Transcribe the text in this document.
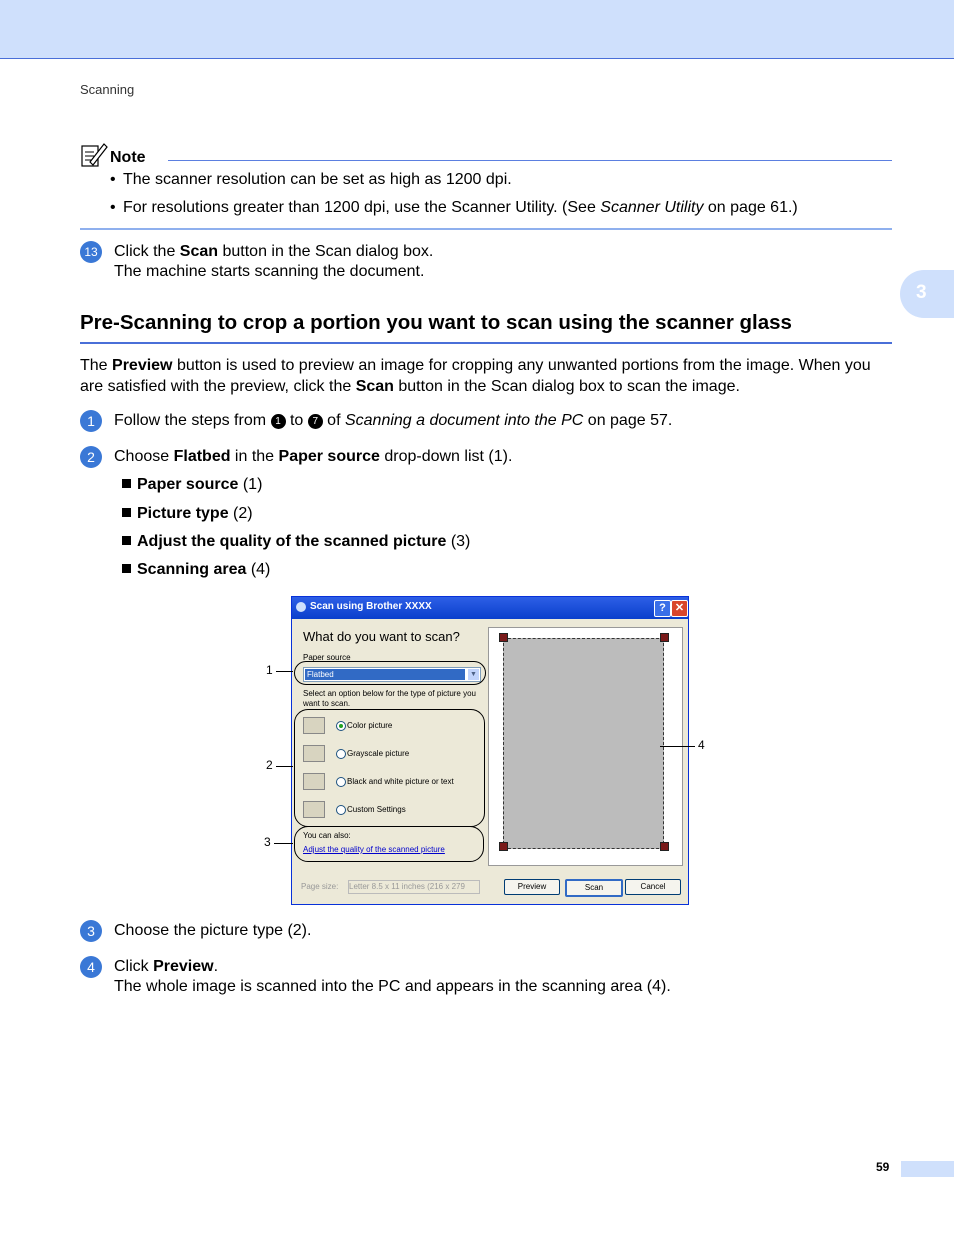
Scanning
3
Note
• The scanner resolution can be set as high as 1200 dpi.
• For resolutions greater than 1200 dpi, use the Scanner Utility. (See Scanner Utility on page 61.)
13 Click the Scan button in the Scan dialog box.
The machine starts scanning the document.
Pre-Scanning to crop a portion you want to scan using the scanner glass
The Preview button is used to preview an image for cropping any unwanted portions from the image. When you are satisfied with the preview, click the Scan button in the Scan dialog box to scan the image.
1	Follow the steps from 1 to 7 of Scanning a document into the PC on page 57.
2	Choose Flatbed in the Paper source drop-down list (1).
Paper source (1)
Picture type (2)
Adjust the quality of the scanned picture (3)
Scanning area (4)
Scan using Brother XXXX	? ✕
What do you want to scan?
Paper source
Flatbed	▼
Select an option below for the type of picture you want to scan.
Color picture
Grayscale picture
Black and white picture or text
Custom Settings
You can also:
Adjust the quality of the scanned picture
Page size: Letter 8.5 x 11 inches (216 x 279	Preview	Scan	Cancel
1
2
3
4
3	Choose the picture type (2).
4	Click Preview.
The whole image is scanned into the PC and appears in the scanning area (4).
59
